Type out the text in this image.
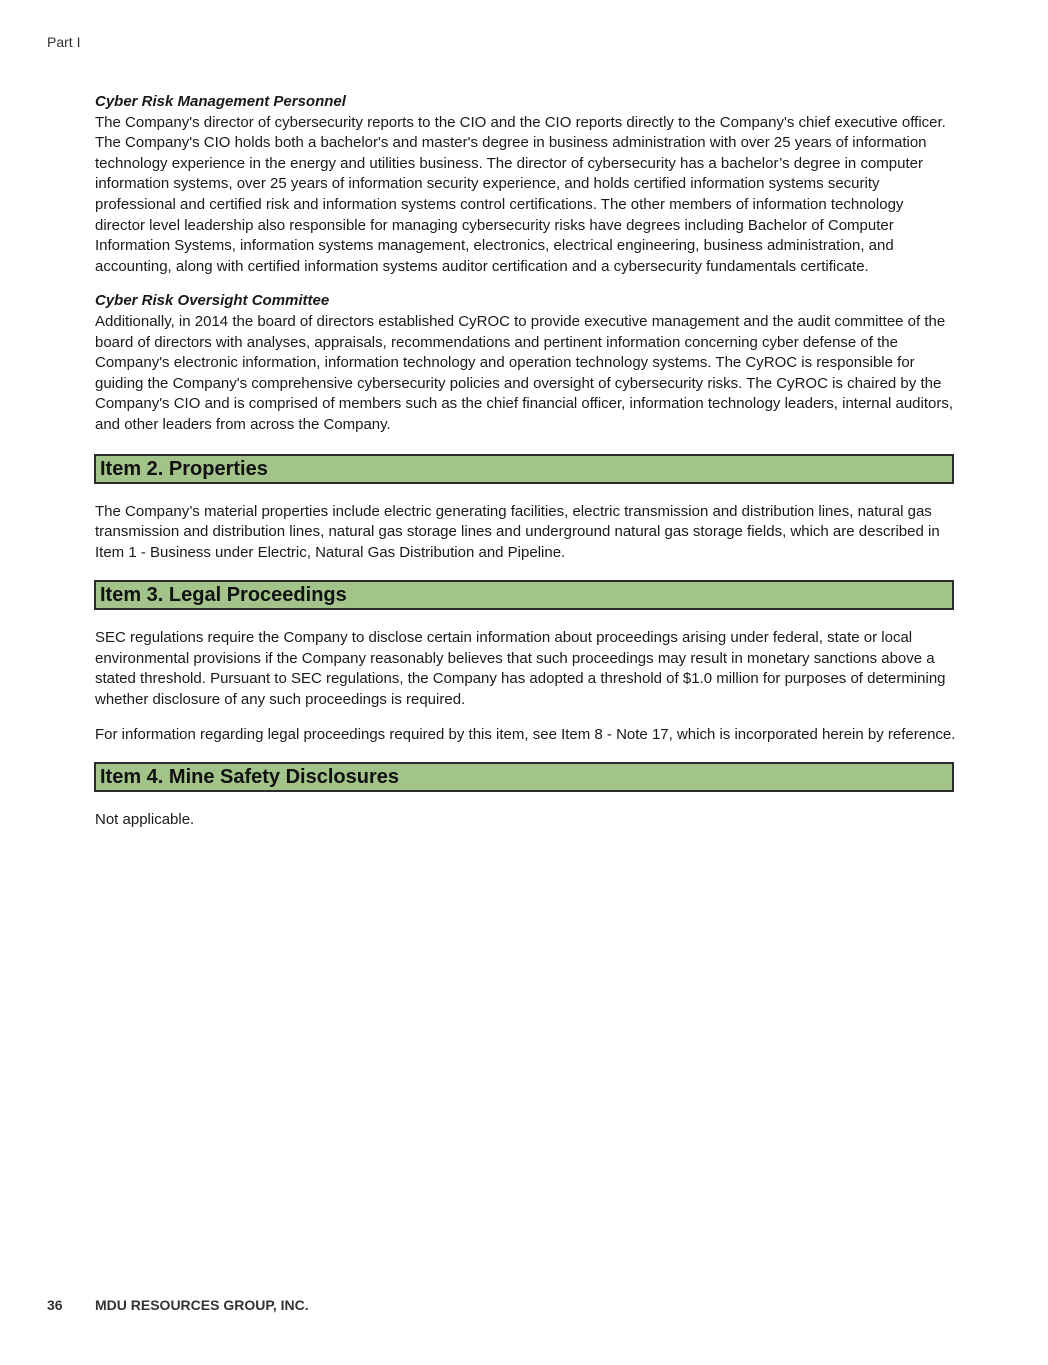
Part I

Cyber Risk Management Personnel

The Company's director of cybersecurity reports to the CIO and the CIO reports directly to the Company's chief executive officer. The Company's CIO holds both a bachelor's and master's degree in business administration with over 25 years of information technology experience in the energy and utilities business. The director of cybersecurity has a bachelor’s degree in computer information systems, over 25 years of information security experience, and holds certified information systems security professional and certified risk and information systems control certifications. The other members of information technology director level leadership also responsible for managing cybersecurity risks have degrees including Bachelor of Computer Information Systems, information systems management, electronics, electrical engineering, business administration, and accounting, along with certified information systems auditor certification and a cybersecurity fundamentals certificate.

Cyber Risk Oversight Committee

Additionally, in 2014 the board of directors established CyROC to provide executive management and the audit committee of the board of directors with analyses, appraisals, recommendations and pertinent information concerning cyber defense of the Company's electronic information, information technology and operation technology systems. The CyROC is responsible for guiding the Company's comprehensive cybersecurity policies and oversight of cybersecurity risks. The CyROC is chaired by the Company's CIO and is comprised of members such as the chief financial officer, information technology leaders, internal auditors, and other leaders from across the Company.

Item 2. Properties

The Company’s material properties include electric generating facilities, electric transmission and distribution lines, natural gas transmission and distribution lines, natural gas storage lines and underground natural gas storage fields, which are described in Item 1 - Business under Electric, Natural Gas Distribution and Pipeline.

Item 3. Legal Proceedings

SEC regulations require the Company to disclose certain information about proceedings arising under federal, state or local environmental provisions if the Company reasonably believes that such proceedings may result in monetary sanctions above a stated threshold. Pursuant to SEC regulations, the Company has adopted a threshold of $1.0 million for purposes of determining whether disclosure of any such proceedings is required.

For information regarding legal proceedings required by this item, see Item 8 - Note 17, which is incorporated herein by reference.

Item 4. Mine Safety Disclosures

Not applicable.

36 MDU RESOURCES GROUP, INC.
